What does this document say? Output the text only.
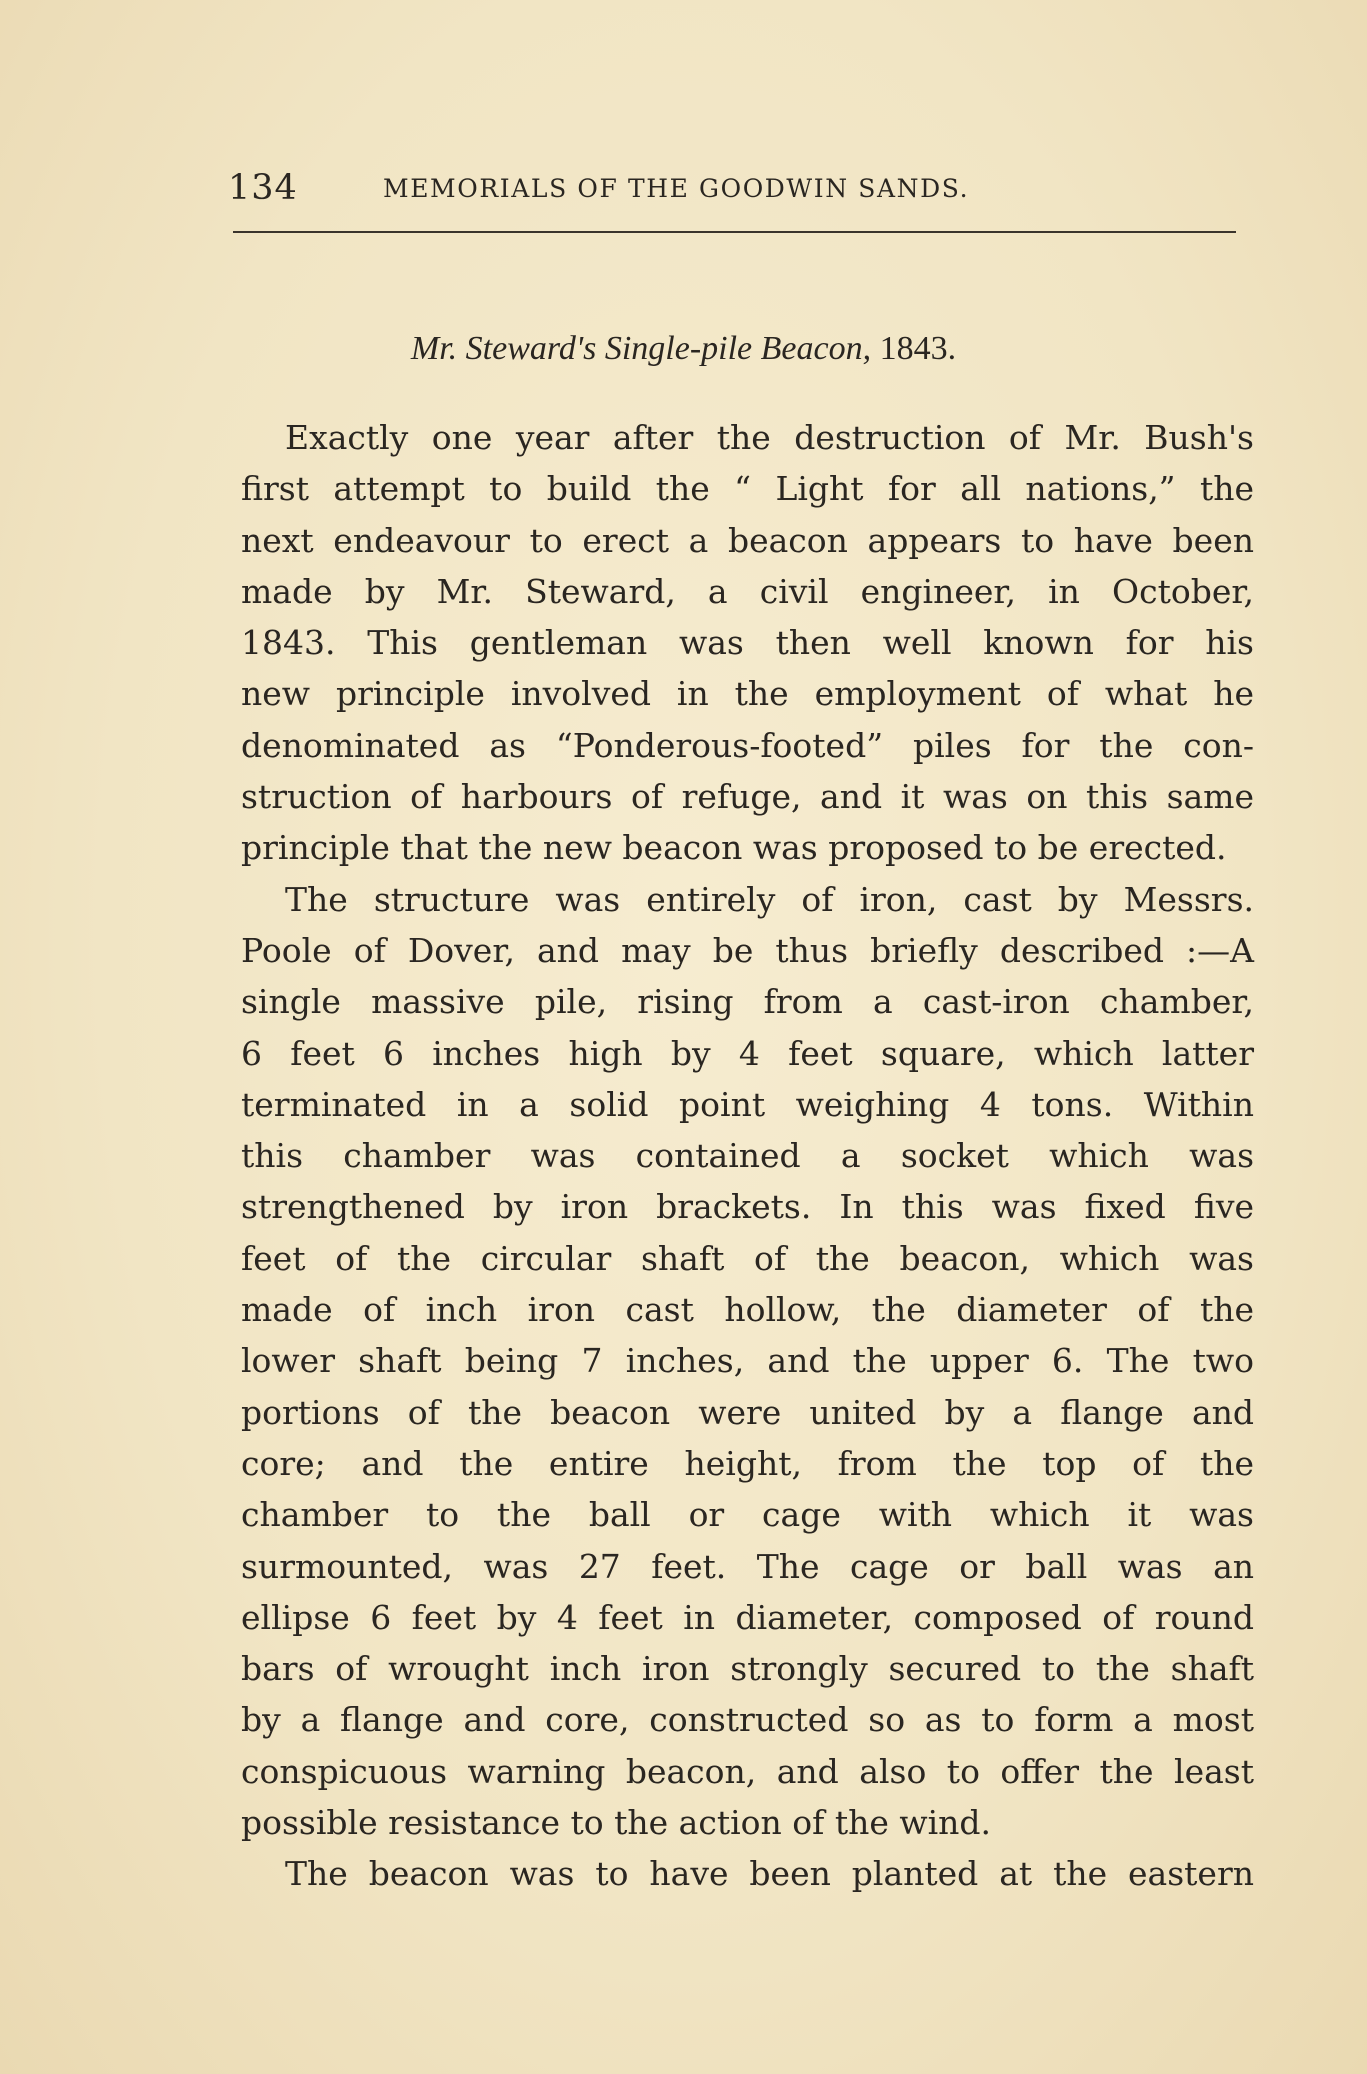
134	MEMORIALS OF THE GOODWIN SANDS.
Mr. Steward's Single-pile Beacon, 1843.
Exactly one year after the destruction of Mr. Bush's
first attempt to build the “ Light for all nations,” the
next endeavour to erect a beacon appears to have been
made by Mr. Steward, a civil engineer, in October,
1843. This gentleman was then well known for his
new principle involved in the employment of what he
denominated as “Ponderous-footed” piles for the con-
struction of harbours of refuge, and it was on this same
principle that the new beacon was proposed to be erected.
The structure was entirely of iron, cast by Messrs.
Poole of Dover, and may be thus briefly described :—A
single massive pile, rising from a cast-iron chamber,
6 feet 6 inches high by 4 feet square, which latter
terminated in a solid point weighing 4 tons. Within
this chamber was contained a socket which was
strengthened by iron brackets. In this was fixed five
feet of the circular shaft of the beacon, which was
made of inch iron cast hollow, the diameter of the
lower shaft being 7 inches, and the upper 6. The two
portions of the beacon were united by a flange and
core; and the entire height, from the top of the
chamber to the ball or cage with which it was
surmounted, was 27 feet. The cage or ball was an
ellipse 6 feet by 4 feet in diameter, composed of round
bars of wrought inch iron strongly secured to the shaft
by a flange and core, constructed so as to form a most
conspicuous warning beacon, and also to offer the least
possible resistance to the action of the wind.
The beacon was to have been planted at the eastern
